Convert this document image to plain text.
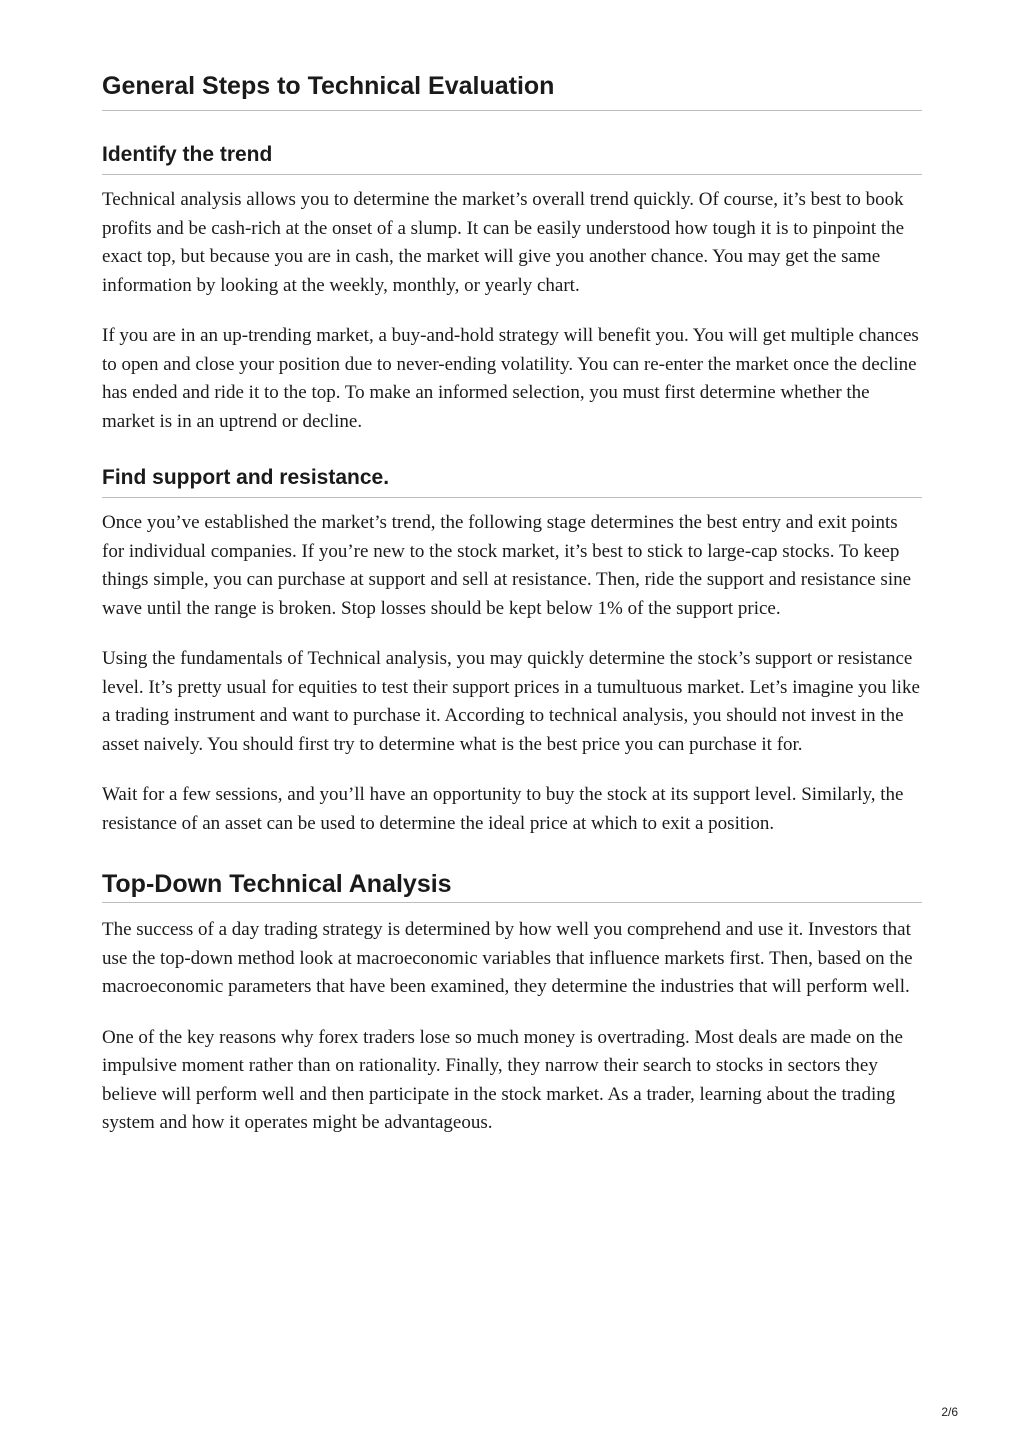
General Steps to Technical Evaluation
Identify the trend

Technical analysis allows you to determine the market’s overall trend quickly. Of course, it’s best to book profits and be cash-rich at the onset of a slump. It can be easily understood how tough it is to pinpoint the exact top, but because you are in cash, the market will give you another chance. You may get the same information by looking at the weekly, monthly, or yearly chart.

If you are in an up-trending market, a buy-and-hold strategy will benefit you. You will get multiple chances to open and close your position due to never-ending volatility. You can re-enter the market once the decline has ended and ride it to the top. To make an informed selection, you must first determine whether the market is in an uptrend or decline.

Find support and resistance.

Once you’ve established the market’s trend, the following stage determines the best entry and exit points for individual companies. If you’re new to the stock market, it’s best to stick to large-cap stocks. To keep things simple, you can purchase at support and sell at resistance. Then, ride the support and resistance sine wave until the range is broken. Stop losses should be kept below 1% of the support price.

Using the fundamentals of Technical analysis, you may quickly determine the stock’s support or resistance level. It’s pretty usual for equities to test their support prices in a tumultuous market. Let’s imagine you like a trading instrument and want to purchase it. According to technical analysis, you should not invest in the asset naively. You should first try to determine what is the best price you can purchase it for.

Wait for a few sessions, and you’ll have an opportunity to buy the stock at its support level. Similarly, the resistance of an asset can be used to determine the ideal price at which to exit a position.

Top-Down Technical Analysis

The success of a day trading strategy is determined by how well you comprehend and use it. Investors that use the top-down method look at macroeconomic variables that influence markets first. Then, based on the macroeconomic parameters that have been examined, they determine the industries that will perform well.

One of the key reasons why forex traders lose so much money is overtrading. Most deals are made on the impulsive moment rather than on rationality. Finally, they narrow their search to stocks in sectors they believe will perform well and then participate in the stock market. As a trader, learning about the trading system and how it operates might be advantageous.

2/6
